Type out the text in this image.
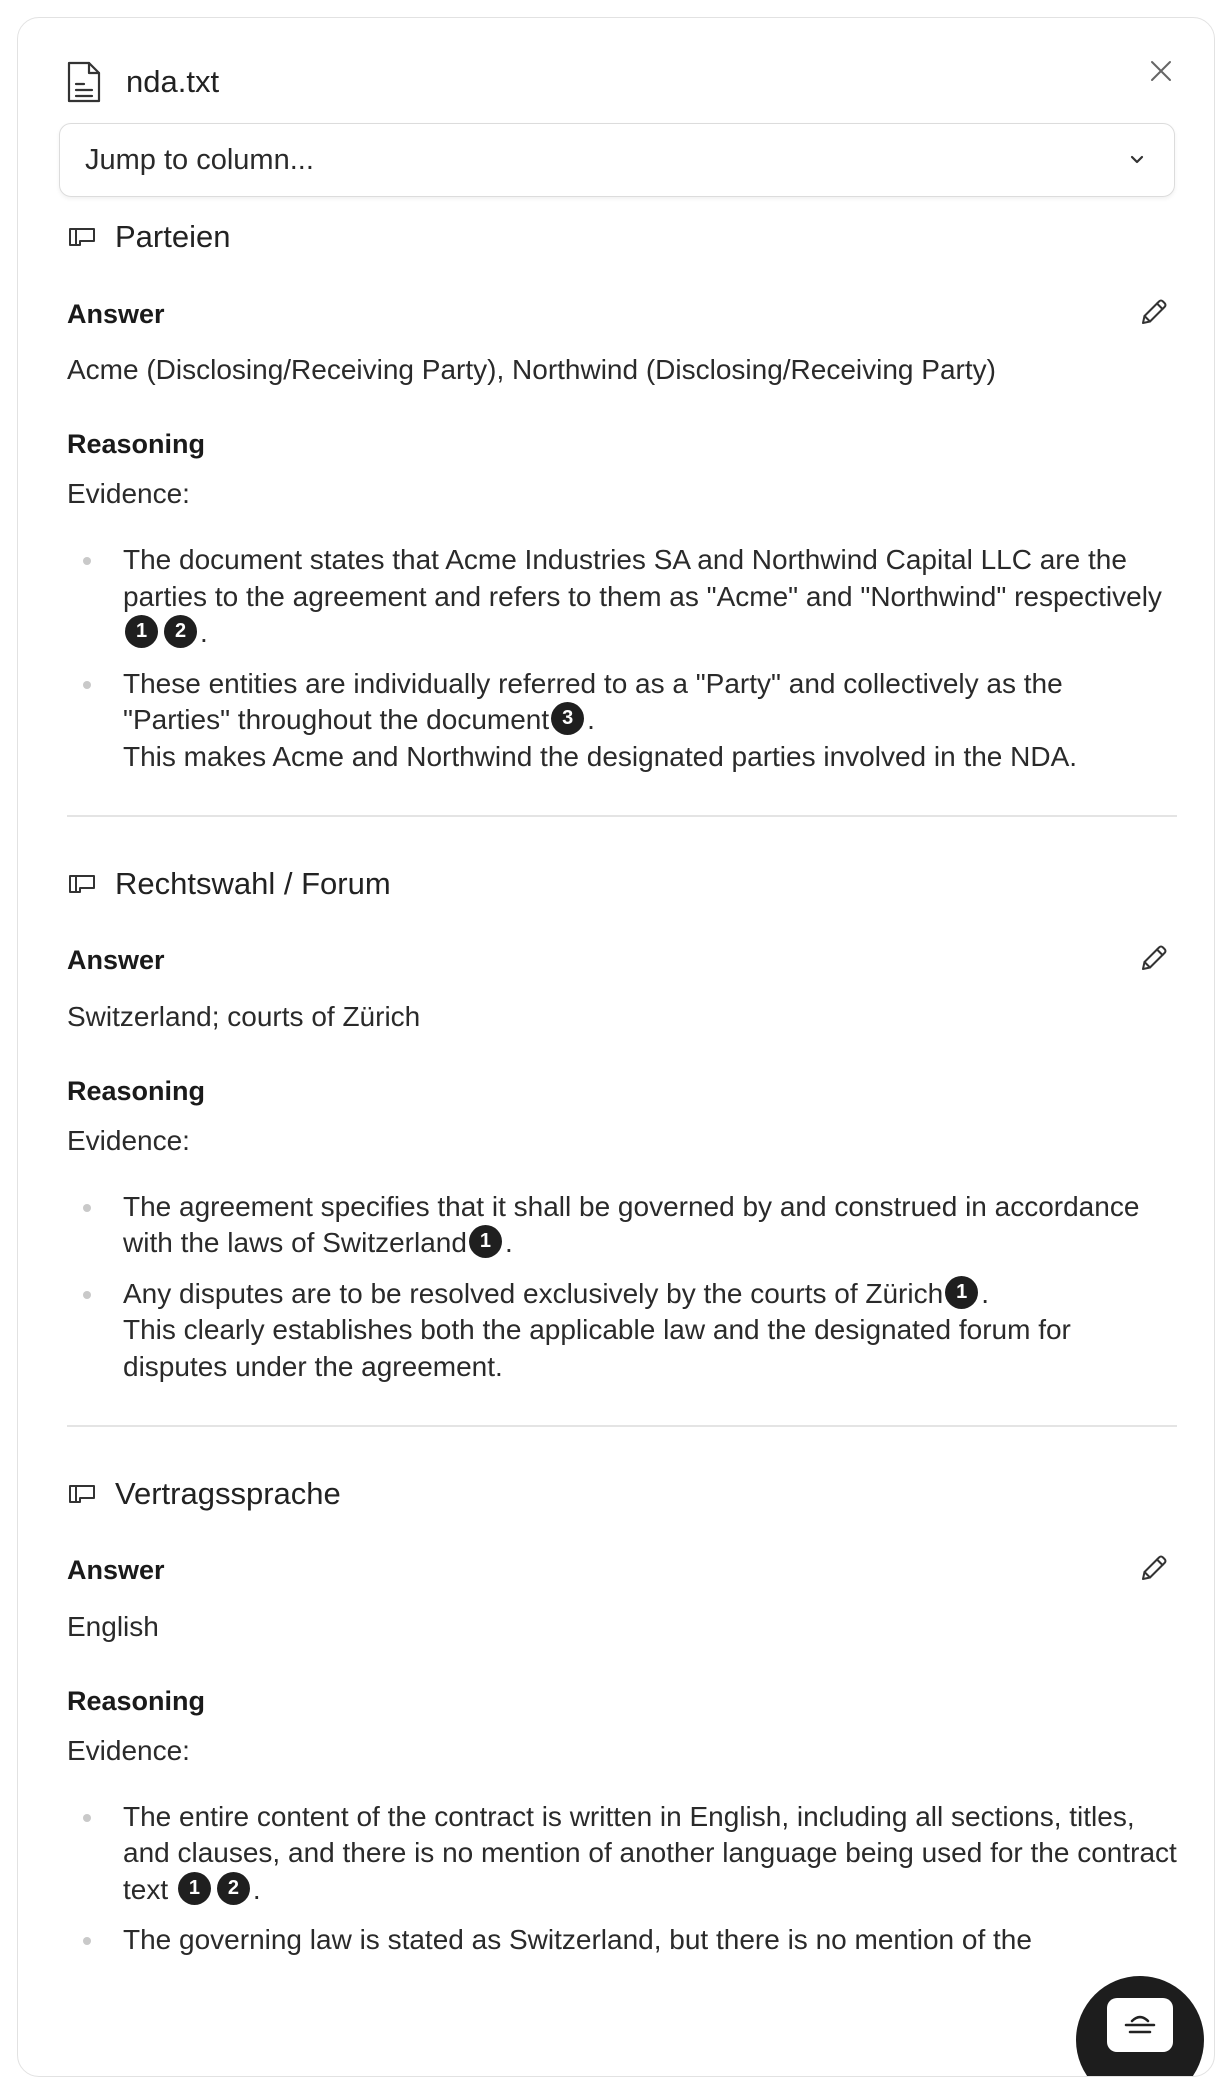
nda.txt
Jump to column...
Parteien
Answer
Acme (Disclosing/Receiving Party), Northwind (Disclosing/Receiving Party)
Reasoning
Evidence:
The document states that Acme Industries SA and Northwind Capital LLC are the parties to the agreement and refers to them as "Acme" and "Northwind" respectively1 2 .
These entities are individually referred to as a "Party" and collectively as the "Parties" throughout the document 3 .
This makes Acme and Northwind the designated parties involved in the NDA.
Rechtswahl / Forum
Answer
Switzerland; courts of Zürich
Reasoning
Evidence:
The agreement specifies that it shall be governed by and construed in accordance with the laws of Switzerland 1 .
Any disputes are to be resolved exclusively by the courts of Zürich 1 .
This clearly establishes both the applicable law and the designated forum for disputes under the agreement.
Vertragssprache
Answer
English
Reasoning
Evidence:
The entire content of the contract is written in English, including all sections, titles, and clauses, and there is no mention of another language being used for the contract text 1 2 .
The governing law is stated as Switzerland, but there is no mention of the
